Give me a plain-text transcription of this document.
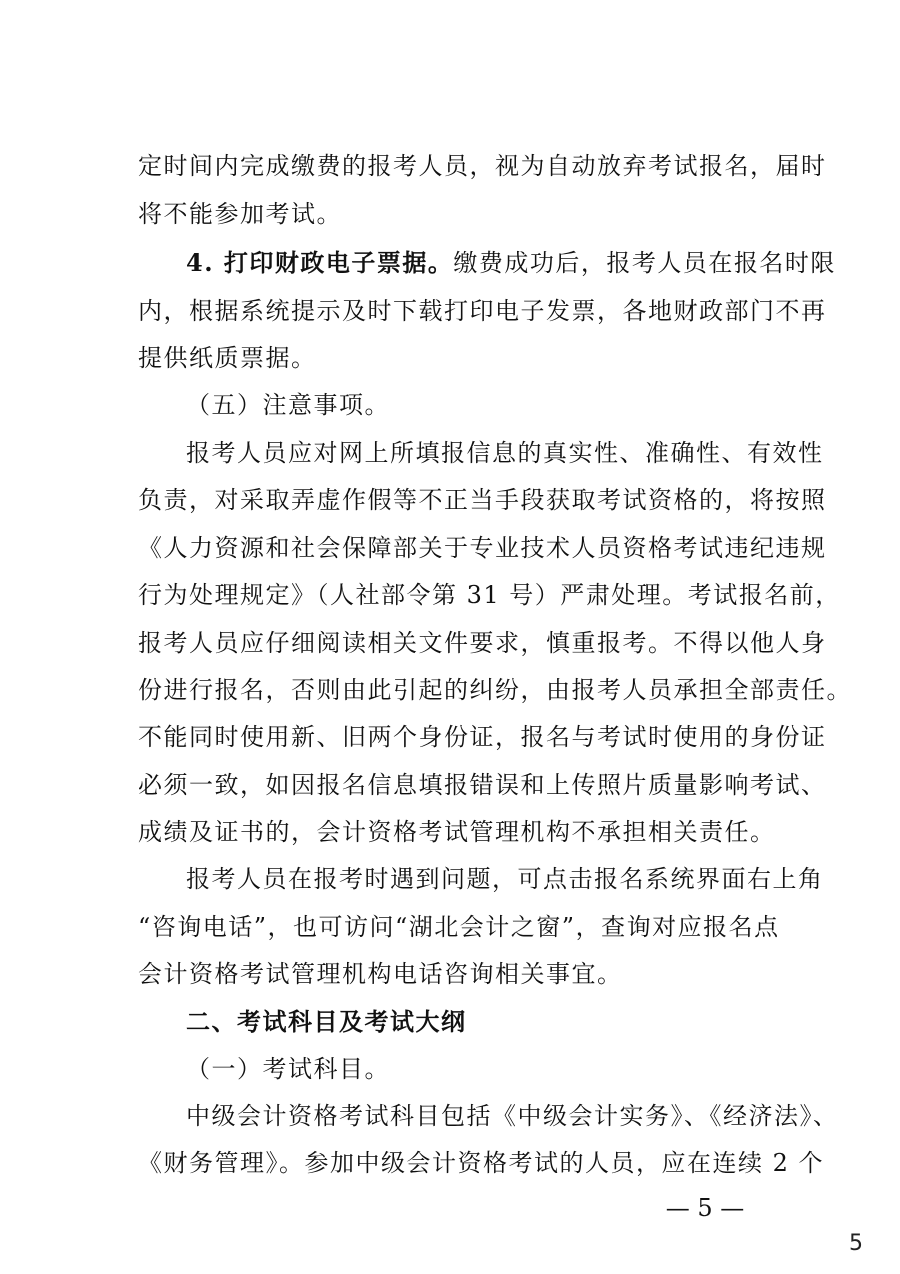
定时间内完成缴费的报考人员，视为自动放弃考试报名，届时
将不能参加考试。
4. 打印财政电子票据。缴费成功后，报考人员在报名时限
内，根据系统提示及时下载打印电子发票，各地财政部门不再
提供纸质票据。
（五）注意事项。
报考人员应对网上所填报信息的真实性、准确性、有效性
负责，对采取弄虚作假等不正当手段获取考试资格的，将按照
《人力资源和社会保障部关于专业技术人员资格考试违纪违规
行为处理规定》（人社部令第 31 号）严肃处理。考试报名前，
报考人员应仔细阅读相关文件要求，慎重报考。不得以他人身
份进行报名，否则由此引起的纠纷，由报考人员承担全部责任。
不能同时使用新、旧两个身份证，报名与考试时使用的身份证
必须一致，如因报名信息填报错误和上传照片质量影响考试、
成绩及证书的，会计资格考试管理机构不承担相关责任。
报考人员在报考时遇到问题，可点击报名系统界面右上角
“咨询电话”，也可访问“湖北会计之窗”，查询对应报名点
会计资格考试管理机构电话咨询相关事宜。
二、考试科目及考试大纲
（一）考试科目。
中级会计资格考试科目包括《中级会计实务》、《经济法》、
《财务管理》。参加中级会计资格考试的人员，应在连续 2 个
— 5 —
5
